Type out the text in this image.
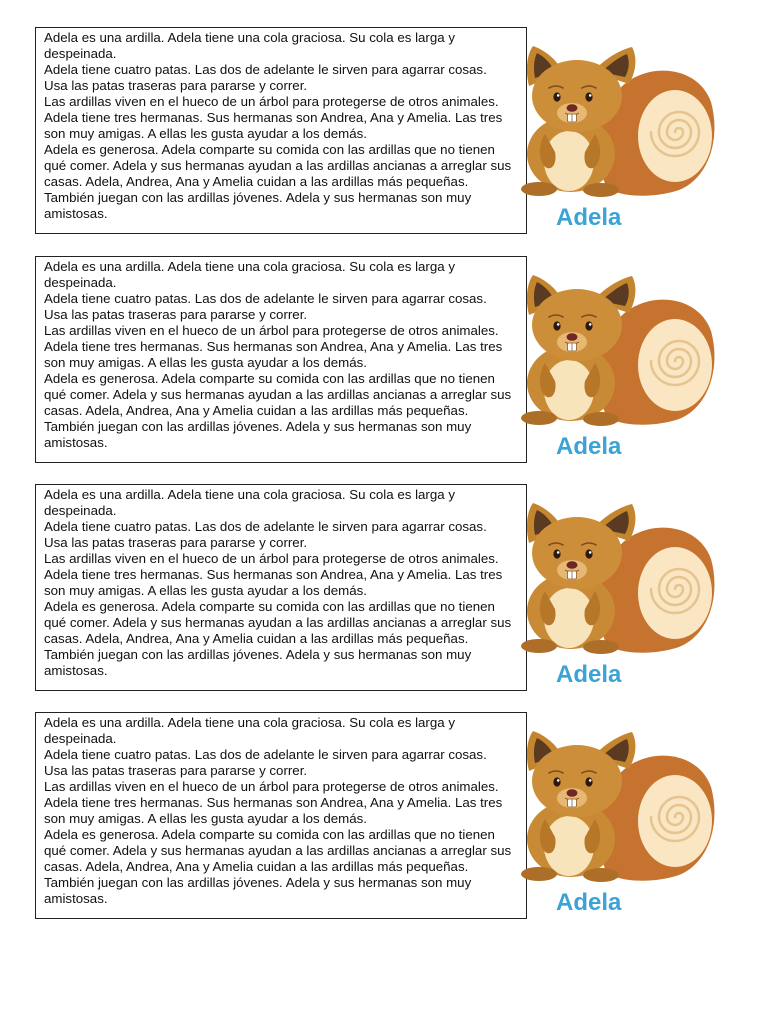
Adela es una ardilla. Adela tiene una cola graciosa. Su cola es larga y
despeinada.
Adela tiene cuatro patas. Las dos de adelante le sirven para agarrar cosas.
Usa las patas traseras para pararse y correr.
Las ardillas viven en el hueco de un árbol para protegerse de otros animales.
Adela tiene tres hermanas. Sus hermanas son Andrea, Ana y Amelia. Las tres
son muy amigas. A ellas les gusta ayudar a los demás.
Adela es generosa. Adela comparte su comida con las ardillas que no tienen
qué comer. Adela y sus hermanas ayudan a las ardillas ancianas a arreglar sus
casas. Adela, Andrea, Ana y Amelia cuidan a las ardillas más pequeñas.
También juegan con las ardillas jóvenes. Adela y sus hermanas son muy
amistosas.	Adela
Adela es una ardilla. Adela tiene una cola graciosa. Su cola es larga y
despeinada.
Adela tiene cuatro patas. Las dos de adelante le sirven para agarrar cosas.
Usa las patas traseras para pararse y correr.
Las ardillas viven en el hueco de un árbol para protegerse de otros animales.
Adela tiene tres hermanas. Sus hermanas son Andrea, Ana y Amelia. Las tres
son muy amigas. A ellas les gusta ayudar a los demás.
Adela es generosa. Adela comparte su comida con las ardillas que no tienen
qué comer. Adela y sus hermanas ayudan a las ardillas ancianas a arreglar sus
casas. Adela, Andrea, Ana y Amelia cuidan a las ardillas más pequeñas.
También juegan con las ardillas jóvenes. Adela y sus hermanas son muy
amistosas.	Adela
Adela es una ardilla. Adela tiene una cola graciosa. Su cola es larga y
despeinada.
Adela tiene cuatro patas. Las dos de adelante le sirven para agarrar cosas.
Usa las patas traseras para pararse y correr.
Las ardillas viven en el hueco de un árbol para protegerse de otros animales.
Adela tiene tres hermanas. Sus hermanas son Andrea, Ana y Amelia. Las tres
son muy amigas. A ellas les gusta ayudar a los demás.
Adela es generosa. Adela comparte su comida con las ardillas que no tienen
qué comer. Adela y sus hermanas ayudan a las ardillas ancianas a arreglar sus
casas. Adela, Andrea, Ana y Amelia cuidan a las ardillas más pequeñas.
También juegan con las ardillas jóvenes. Adela y sus hermanas son muy
amistosas.	Adela
Adela es una ardilla. Adela tiene una cola graciosa. Su cola es larga y
despeinada.
Adela tiene cuatro patas. Las dos de adelante le sirven para agarrar cosas.
Usa las patas traseras para pararse y correr.
Las ardillas viven en el hueco de un árbol para protegerse de otros animales.
Adela tiene tres hermanas. Sus hermanas son Andrea, Ana y Amelia. Las tres
son muy amigas. A ellas les gusta ayudar a los demás.
Adela es generosa. Adela comparte su comida con las ardillas que no tienen
qué comer. Adela y sus hermanas ayudan a las ardillas ancianas a arreglar sus
casas. Adela, Andrea, Ana y Amelia cuidan a las ardillas más pequeñas.
También juegan con las ardillas jóvenes. Adela y sus hermanas son muy
amistosas.	Adela
